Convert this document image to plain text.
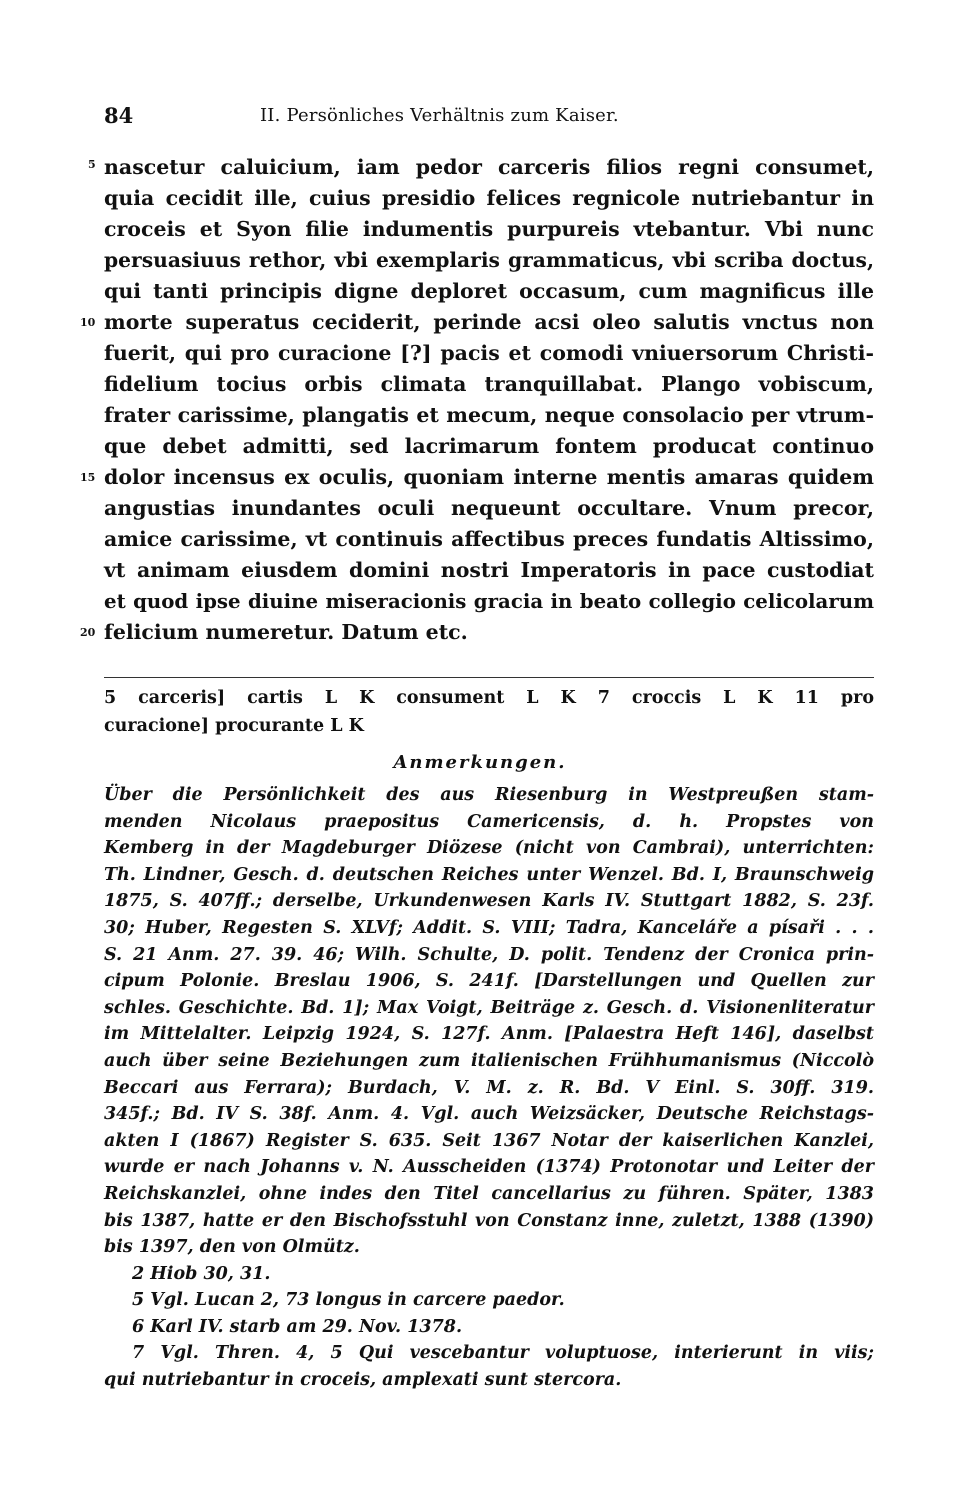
84	II. Persönliches Verhältnis zum Kaiser.
5 nascetur caluicium, iam pedor carceris filios regni consumet,
quia cecidit ille, cuius presidio felices regnicole nutriebantur in
croceis et Syon filie indumentis purpureis vtebantur. Vbi nunc
persuasiuus rethor, vbi exemplaris grammaticus, vbi scriba doctus,
qui tanti principis digne deploret occasum, cum magnificus ille
10 morte superatus ceciderit, perinde acsi oleo salutis vnctus non
fuerit, qui pro curacione [?] pacis et comodi vniuersorum Christi-
fidelium tocius orbis climata tranquillabat. Plango vobiscum,
frater carissime, plangatis et mecum, neque consolacio per vtrum-
que debet admitti, sed lacrimarum fontem producat continuo
15 dolor incensus ex oculis, quoniam interne mentis amaras quidem
angustias inundantes oculi nequeunt occultare. Vnum precor,
amice carissime, vt continuis affectibus preces fundatis Altissimo,
vt animam eiusdem domini nostri Imperatoris in pace custodiat
et quod ipse diuine miseracionis gracia in beato collegio celicolarum
20 felicium numeretur. Datum etc.
5 carceris] cartis L K consument L K 7 croccis L K 11 pro
curacione] procurante L K
Anmerkungen.
Über die Persönlichkeit des aus Riesenburg in Westpreußen stam-
menden Nicolaus praepositus Camericensis, d. h. Propstes von
Kemberg in der Magdeburger Diözese (nicht von Cambrai), unterrichten:
Th. Lindner, Gesch. d. deutschen Reiches unter Wenzel. Bd. I, Braunschweig
1875, S. 407ff.; derselbe, Urkundenwesen Karls IV. Stuttgart 1882, S. 23f.
30; Huber, Regesten S. XLVf; Addit. S. VIII; Tadra, Kanceláře a písaři . . .
S. 21 Anm. 27. 39. 46; Wilh. Schulte, D. polit. Tendenz der Cronica prin-
cipum Polonie. Breslau 1906, S. 241f. [Darstellungen und Quellen zur
schles. Geschichte. Bd. 1]; Max Voigt, Beiträge z. Gesch. d. Visionenliteratur
im Mittelalter. Leipzig 1924, S. 127f. Anm. [Palaestra Heft 146], daselbst
auch über seine Beziehungen zum italienischen Frühhumanismus (Niccolò
Beccari aus Ferrara); Burdach, V. M. z. R. Bd. V Einl. S. 30ff. 319.
345f.; Bd. IV S. 38f. Anm. 4. Vgl. auch Weizsäcker, Deutsche Reichstags-
akten I (1867) Register S. 635. Seit 1367 Notar der kaiserlichen Kanzlei,
wurde er nach Johanns v. N. Ausscheiden (1374) Protonotar und Leiter der
Reichskanzlei, ohne indes den Titel cancellarius zu führen. Später, 1383
bis 1387, hatte er den Bischofsstuhl von Constanz inne, zuletzt, 1388 (1390)
bis 1397, den von Olmütz.
2 Hiob 30, 31.
5 Vgl. Lucan 2, 73 longus in carcere paedor.
6 Karl IV. starb am 29. Nov. 1378.
7 Vgl. Thren. 4, 5 Qui vescebantur voluptuose, interierunt in viis;
qui nutriebantur in croceis, amplexati sunt stercora.
